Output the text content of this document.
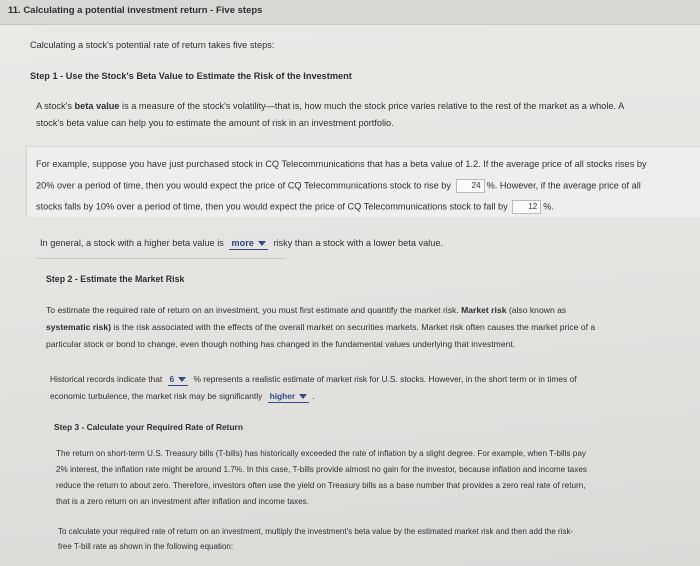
11. Calculating a potential investment return - Five steps
Calculating a stock's potential rate of return takes five steps:
Step 1 - Use the Stock's Beta Value to Estimate the Risk of the Investment
A stock's beta value is a measure of the stock's volatility—that is, how much the stock price varies relative to the rest of the market as a whole. A
stock's beta value can help you to estimate the amount of risk in an investment portfolio.
For example, suppose you have just purchased stock in CQ Telecommunications that has a beta value of 1.2. If the average price of all stocks rises by
20% over a period of time, then you would expect the price of CQ Telecommunications stock to rise by	24 %. However, if the average price of all
stocks falls by 10% over a period of time, then you would expect the price of CQ Telecommunications stock to fall by	12 %.
In general, a stock with a higher beta value is more risky than a stock with a lower beta value.
Step 2 - Estimate the Market Risk
To estimate the required rate of return on an investment, you must first estimate and quantify the market risk. Market risk (also known as
systematic risk) is the risk associated with the effects of the overall market on securities markets. Market risk often causes the market price of a
particular stock or bond to change, even though nothing has changed in the fundamental values underlying that investment.
Historical records indicate that 6 % represents a realistic estimate of market risk for U.S. stocks. However, in the short term or in times of
economic turbulence, the market risk may be significantly higher .
Step 3 - Calculate your Required Rate of Return
The return on short-term U.S. Treasury bills (T-bills) has historically exceeded the rate of inflation by a slight degree. For example, when T-bills pay
2% interest, the inflation rate might be around 1.7%. In this case, T-bills provide almost no gain for the investor, because inflation and income taxes
reduce the return to about zero. Therefore, investors often use the yield on Treasury bills as a base number that provides a zero real rate of return,
that is a zero return on an investment after inflation and income taxes.
To calculate your required rate of return on an investment, multiply the investment's beta value by the estimated market risk and then add the risk-
free T-bill rate as shown in the following equation:
